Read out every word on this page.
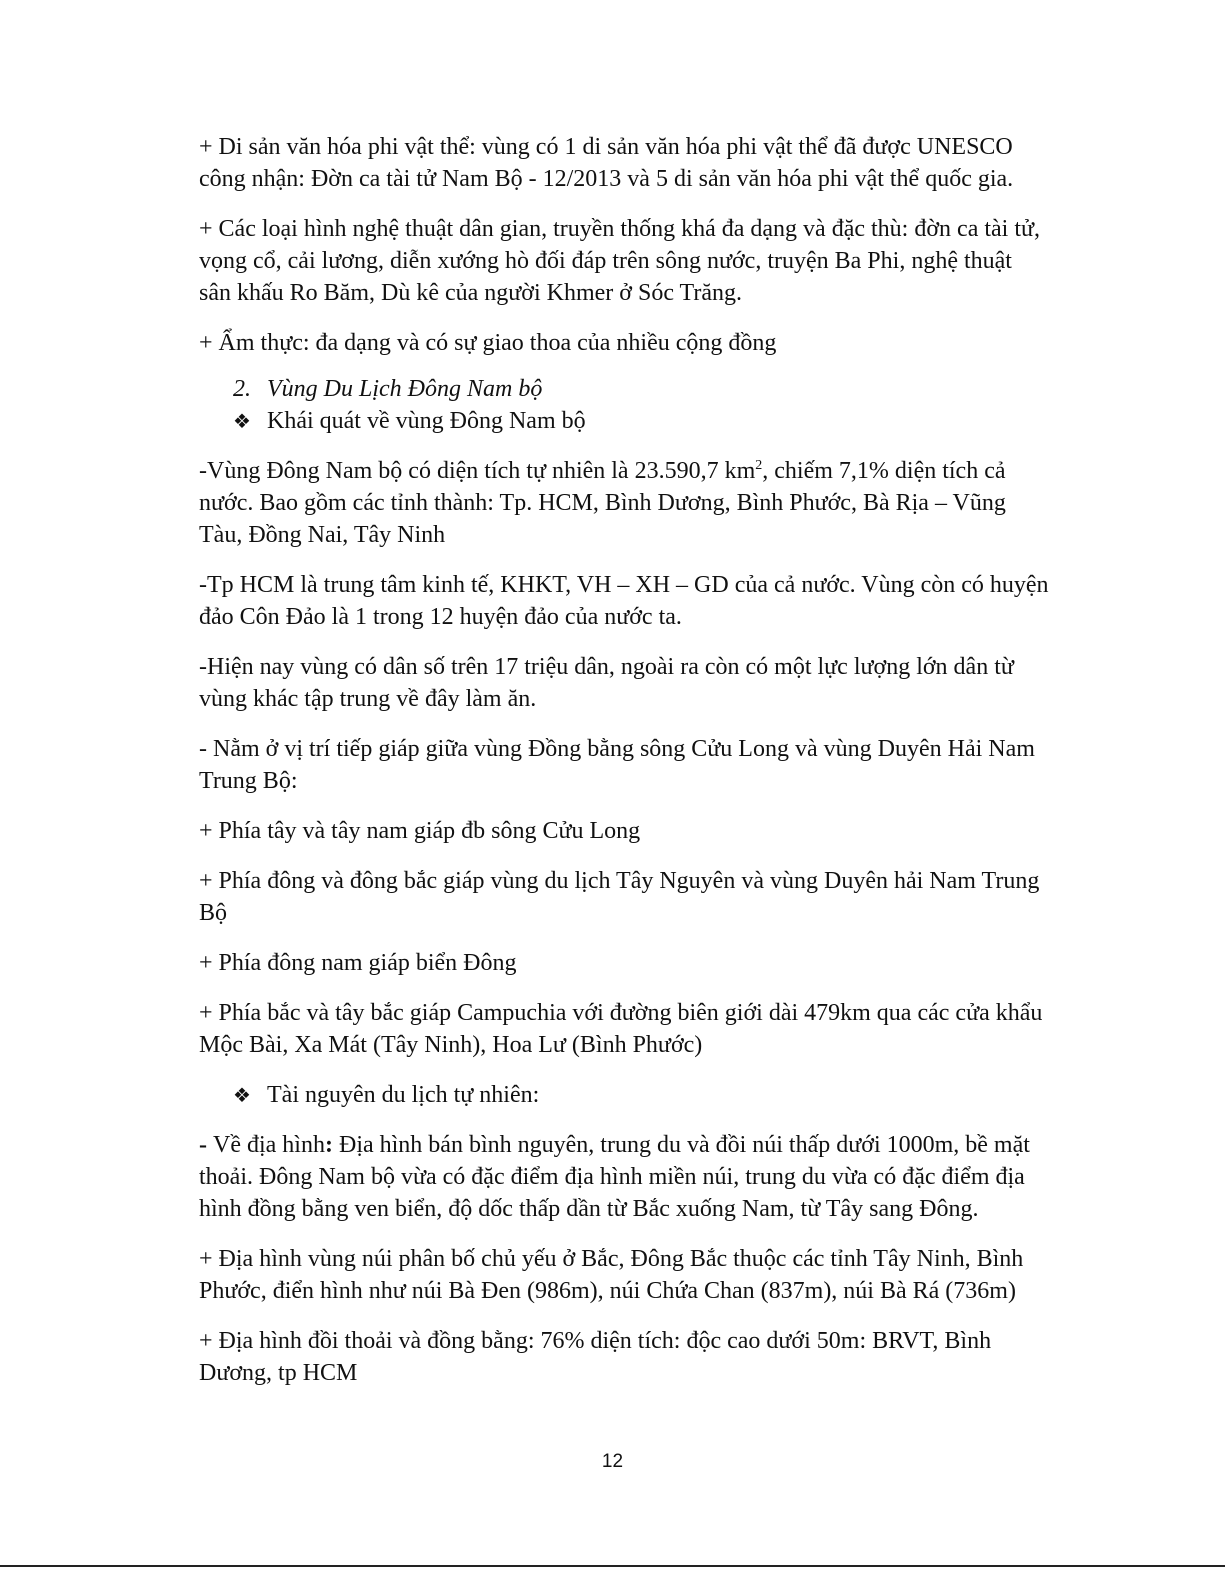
+ Di sản văn hóa phi vật thể: vùng có 1 di sản văn hóa phi vật thể đã được UNESCO công nhận: Đờn ca tài tử Nam Bộ - 12/2013 và 5 di sản văn hóa phi vật thể quốc gia.

+ Các loại hình nghệ thuật dân gian, truyền thống khá đa dạng và đặc thù: đờn ca tài tử, vọng cổ, cải lương, diễn xướng hò đối đáp trên sông nước, truyện Ba Phi, nghệ thuật sân khấu Ro Băm, Dù kê của người Khmer ở Sóc Trăng.

+ Ẩm thực: đa dạng và có sự giao thoa của nhiều cộng đồng

2. Vùng Du Lịch Đông Nam bộ
❖ Khái quát về vùng Đông Nam bộ

-Vùng Đông Nam bộ có diện tích tự nhiên là 23.590,7 $km^2$, chiếm 7,1% diện tích cả nước. Bao gồm các tỉnh thành: Tp. HCM, Bình Dương, Bình Phước, Bà Rịa – Vũng Tàu, Đồng Nai, Tây Ninh

-Tp HCM là trung tâm kinh tế, KHKT, VH – XH – GD của cả nước. Vùng còn có huyện đảo Côn Đảo là 1 trong 12 huyện đảo của nước ta.

-Hiện nay vùng có dân số trên 17 triệu dân, ngoài ra còn có một lực lượng lớn dân từ vùng khác tập trung về đây làm ăn.

- Nằm ở vị trí tiếp giáp giữa vùng Đồng bằng sông Cửu Long và vùng Duyên Hải Nam Trung Bộ:

+ Phía tây và tây nam giáp đb sông Cửu Long

+ Phía đông và đông bắc giáp vùng du lịch Tây Nguyên và vùng Duyên hải Nam Trung Bộ

+ Phía đông nam giáp biển Đông

+ Phía bắc và tây bắc giáp Campuchia với đường biên giới dài 479km qua các cửa khẩu Mộc Bài, Xa Mát (Tây Ninh), Hoa Lư (Bình Phước)

❖ Tài nguyên du lịch tự nhiên:

- Về địa hình: Địa hình bán bình nguyên, trung du và đồi núi thấp dưới 1000m, bề mặt thoải. Đông Nam bộ vừa có đặc điểm địa hình miền núi, trung du vừa có đặc điểm địa hình đồng bằng ven biển, độ dốc thấp dần từ Bắc xuống Nam, từ Tây sang Đông.

+ Địa hình vùng núi phân bố chủ yếu ở Bắc, Đông Bắc thuộc các tỉnh Tây Ninh, Bình Phước, điển hình như núi Bà Đen (986m), núi Chứa Chan (837m), núi Bà Rá (736m)

+ Địa hình đồi thoải và đồng bằng: 76% diện tích: độc cao dưới 50m: BRVT, Bình Dương, tp HCM

12
